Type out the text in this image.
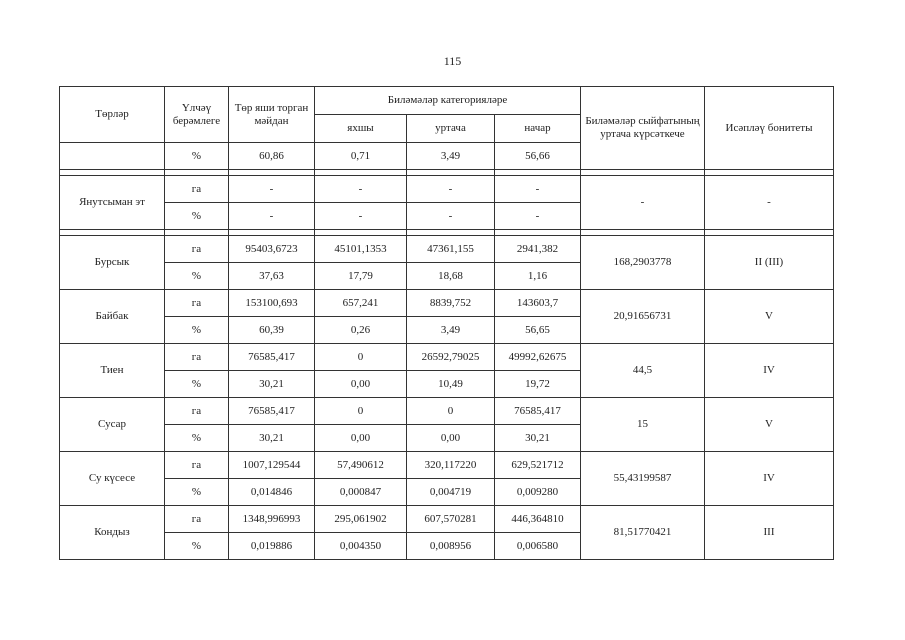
115
Төрләр	Үлчәү берәмлеге	Төр яши торган мәйдан	Биләмәләр категорияләре			Биләмәләр сыйфатының уртача күрсәткече	Исәпләү бонитеты
			яхшы	уртача	начар		
	%	60,86	0,71	3,49	56,66		

Янутсыман эт	га	-	-	-	-	-	-
	%	-	-	-	-		

Бурсык	га	95403,6723	45101,1353	47361,155	2941,382	168,2903778	II (III)
	%	37,63	17,79	18,68	1,16		
Байбак	га	153100,693	657,241	8839,752	143603,7	20,91656731	V
	%	60,39	0,26	3,49	56,65		
Тиен	га	76585,417	0	26592,79025	49992,62675	44,5	IV
	%	30,21	0,00	10,49	19,72		
Сусар	га	76585,417	0	0	76585,417	15	V
	%	30,21	0,00	0,00	30,21		
Су күсесе	га	1007,129544	57,490612	320,117220	629,521712	55,43199587	IV
	%	0,014846	0,000847	0,004719	0,009280		
Кондыз	га	1348,996993	295,061902	607,570281	446,364810	81,51770421	III
	%	0,019886	0,004350	0,008956	0,006580		
